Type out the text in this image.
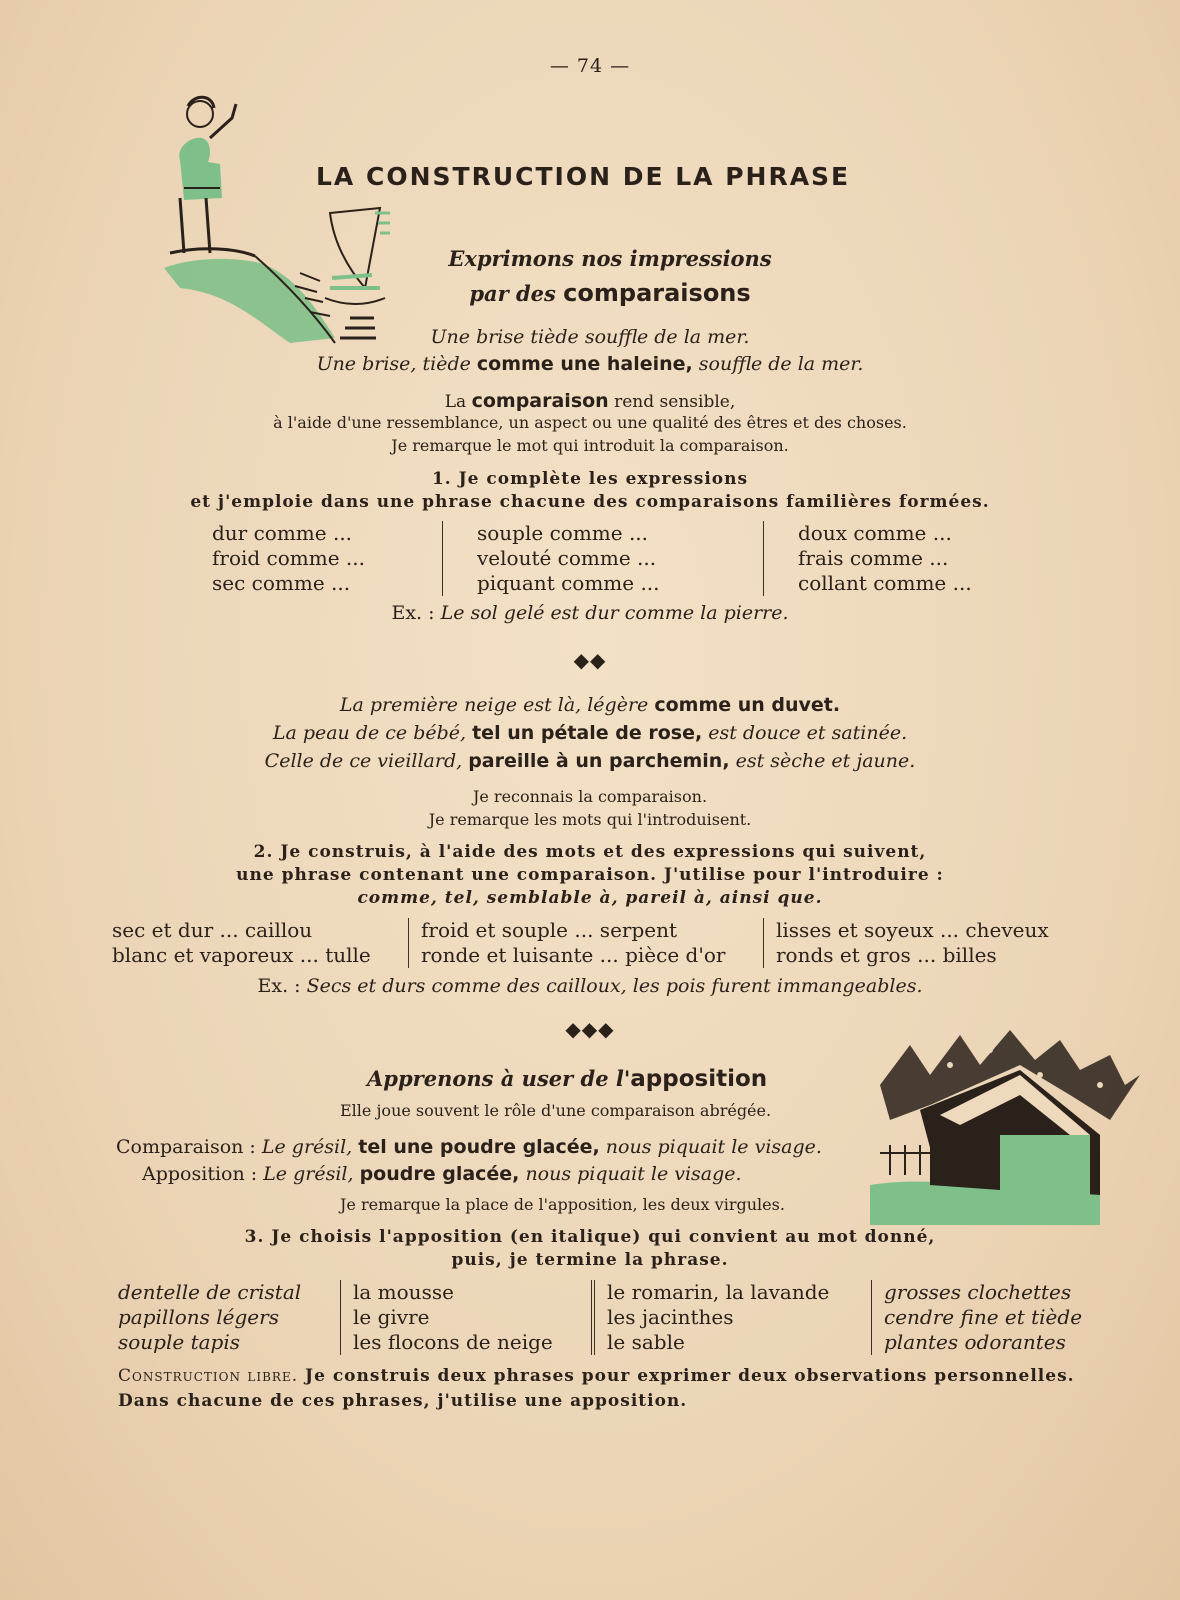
— 74 —
LA CONSTRUCTION DE LA PHRASE
Exprimons nos impressions
par des comparaisons
Une brise tiède souffle de la mer.
Une brise, tiède comme une haleine, souffle de la mer.
La comparaison rend sensible,
à l'aide d'une ressemblance, un aspect ou une qualité des êtres et des choses.
Je remarque le mot qui introduit la comparaison.
1. Je complète les expressions
et j'emploie dans une phrase chacune des comparaisons familières formées.
dur comme ...
froid comme ...
sec comme ...
souple comme ...
velouté comme ...
piquant comme ...
doux comme ...
frais comme ...
collant comme ...
Ex. : Le sol gelé est dur comme la pierre.
◆◆
La première neige est là, légère comme un duvet.
La peau de ce bébé, tel un pétale de rose, est douce et satinée.
Celle de ce vieillard, pareille à un parchemin, est sèche et jaune.
Je reconnais la comparaison.
Je remarque les mots qui l'introduisent.
2. Je construis, à l'aide des mots et des expressions qui suivent,
une phrase contenant une comparaison. J'utilise pour l'introduire :
comme, tel, semblable à, pareil à, ainsi que.
sec et dur ... caillou
blanc et vaporeux ... tulle
froid et souple ... serpent
ronde et luisante ... pièce d'or
lisses et soyeux ... cheveux
ronds et gros ... billes
Ex. : Secs et durs comme des cailloux, les pois furent immangeables.
◆◆◆
Apprenons à user de l'apposition
Elle joue souvent le rôle d'une comparaison abrégée.
Comparaison : Le grésil, tel une poudre glacée, nous piquait le visage.
Apposition : Le grésil, poudre glacée, nous piquait le visage.
Je remarque la place de l'apposition, les deux virgules.
3. Je choisis l'apposition (en italique) qui convient au mot donné,
puis, je termine la phrase.
dentelle de cristal
papillons légers
souple tapis
la mousse
le givre
les flocons de neige
le romarin, la lavande
les jacinthes
le sable
grosses clochettes
cendre fine et tiède
plantes odorantes
Construction libre. Je construis deux phrases pour exprimer deux observations personnelles. Dans chacune de ces phrases, j'utilise une apposition.
